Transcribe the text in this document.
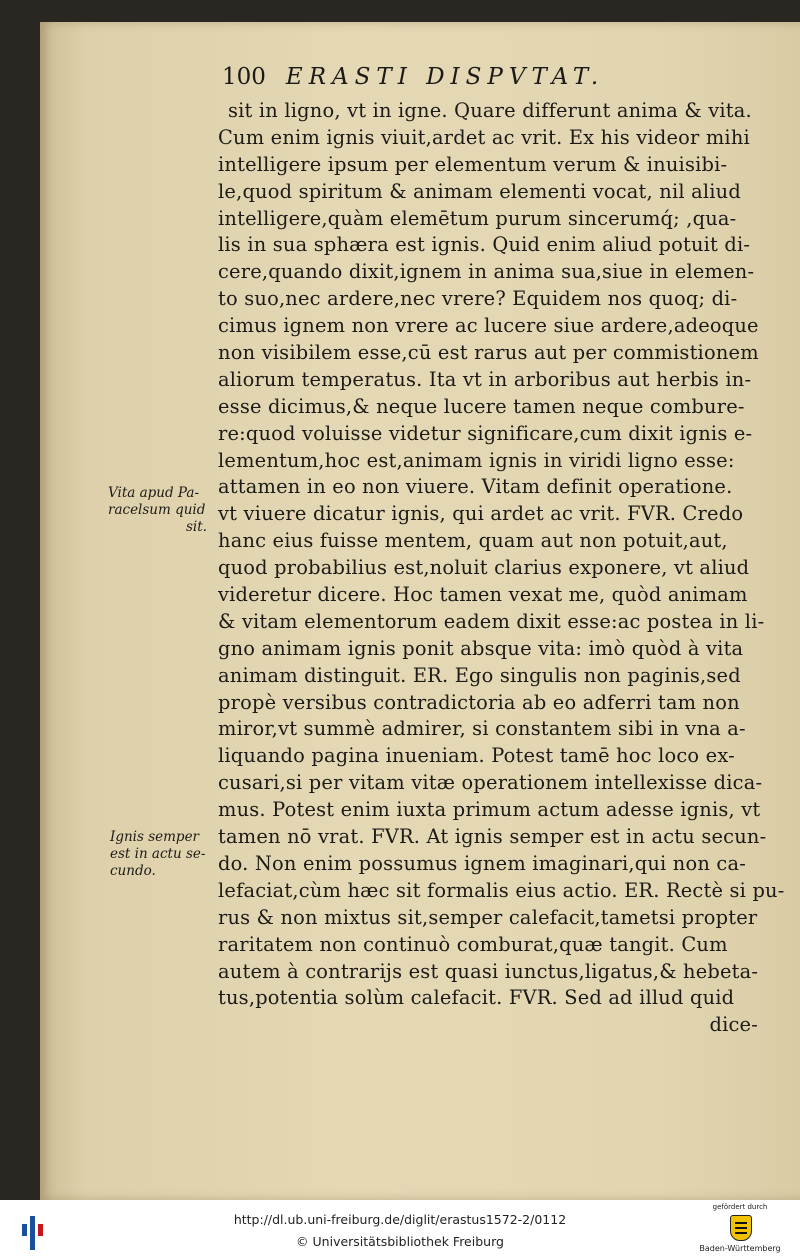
100 ERASTI DISPVTAT.
sit in ligno, vt in igne. Quare differunt anima & vita.
Cum enim ignis viuit,ardet ac vrit. Ex his videor mihi
intelligere ipsum per elementum verum & inuisibi-
le,quod spiritum & animam elementi vocat, nil aliud
intelligere,quàm elemētum purum sincerumq́; ,qua-
lis in sua sphæra est ignis. Quid enim aliud potuit di-
cere,quando dixit,ignem in anima sua,siue in elemen-
to suo,nec ardere,nec vrere? Equidem nos quoq; di-
cimus ignem non vrere ac lucere siue ardere,adeoque
non visibilem esse,cū est rarus aut per commistionem
aliorum temperatus. Ita vt in arboribus aut herbis in-
esse dicimus,& neque lucere tamen neque combure-
re:quod voluisse videtur significare,cum dixit ignis e-
lementum,hoc est,animam ignis in viridi ligno esse:
attamen in eo non viuere. Vitam definit operatione.
vt viuere dicatur ignis, qui ardet ac vrit. FVR. Credo
hanc eius fuisse mentem, quam aut non potuit,aut,
quod probabilius est,noluit clarius exponere, vt aliud
videretur dicere. Hoc tamen vexat me, quòd animam
& vitam elementorum eadem dixit esse:ac postea in li-
gno animam ignis ponit absque vita: imò quòd à vita
animam distinguit. ER. Ego singulis non paginis,sed
propè versibus contradictoria ab eo adferri tam non
miror,vt summè admirer, si constantem sibi in vna a-
liquando pagina inueniam. Potest tamē hoc loco ex-
cusari,si per vitam vitæ operationem intellexisse dica-
mus. Potest enim iuxta primum actum adesse ignis, vt
tamen nō vrat. FVR. At ignis semper est in actu secun-
do. Non enim possumus ignem imaginari,qui non ca-
lefaciat,cùm hæc sit formalis eius actio. ER. Rectè si pu-
rus & non mixtus sit,semper calefacit,tametsi propter
raritatem non continuò comburat,quæ tangit. Cum
autem à contrarijs est quasi iunctus,ligatus,& hebeta-
tus,potentia solùm calefacit. FVR. Sed ad illud quid
dice-
Vita apud Pa-
racelsum quid
sit.
Ignis semper
est in actu se-
cundo.
http://dl.ub.uni-freiburg.de/diglit/erastus1572-2/0112
© Universitätsbibliothek Freiburg
gefördert durch
Baden-Württemberg
